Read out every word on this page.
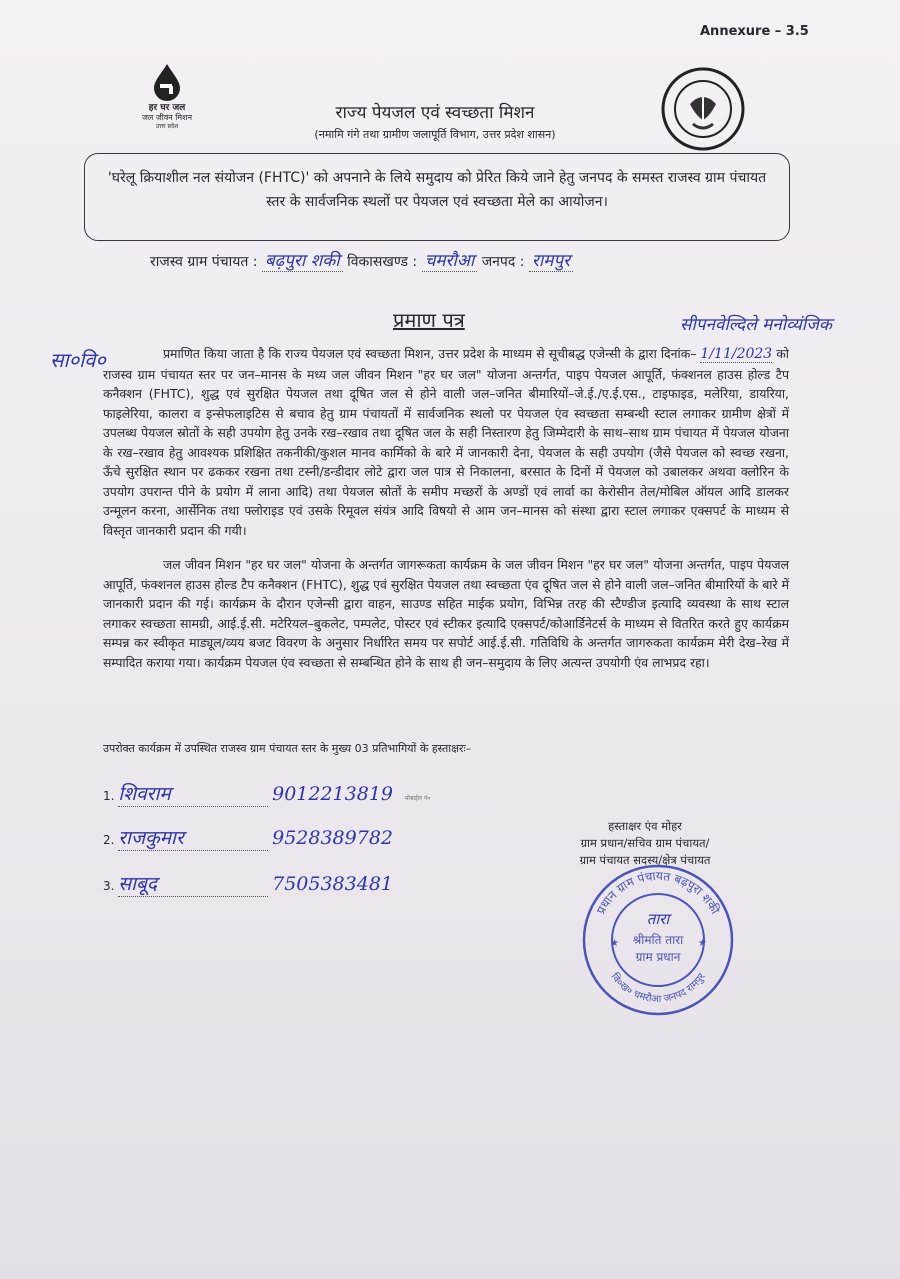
Annexure – 3.5
हर घर जल
जल जीवन मिशन
उत्तर प्रदेश
राज्य पेयजल एवं स्वच्छता मिशन
(नमामि गंगे तथा ग्रामीण जलापूर्ति विभाग, उत्तर प्रदेश शासन)
'घरेलू क्रियाशील नल संयोजन (FHTC)' को अपनाने के लिये समुदाय को प्रेरित किये जाने हेतु जनपद के समस्त राजस्व ग्राम पंचायत स्तर के सार्वजनिक स्थलों पर पेयजल एवं स्वच्छता मेले का आयोजन।
राजस्व ग्राम पंचायत : बढ़पुरा शकी विकासखण्ड : चमरौआ जनपद : रामपुर
प्रमाण पत्र
सा०वि०
सीपनवेल्दिले मनोव्यंजिक
प्रमाणित किया जाता है कि राज्य पेयजल एवं स्वच्छता मिशन, उत्तर प्रदेश के माध्यम से सूचीबद्ध एजेन्सी के द्वारा दिनांक– 1/11/2023 को राजस्व ग्राम पंचायत स्तर पर जन–मानस के मध्य जल जीवन मिशन "हर घर जल" योजना अन्तर्गत, पाइप पेयजल आपूर्ति, फंक्शनल हाउस होल्ड टैप कनैक्शन (FHTC), शुद्ध एवं सुरक्षित पेयजल तथा दूषित जल से होने वाली जल–जनित बीमारियों–जे.ई./ए.ई.एस., टाइफाइड, मलेरिया, डायरिया, फाइलेरिया, कालरा व इन्सेफलाइटिस से बचाव हेतु ग्राम पंचायतों में सार्वजनिक स्थलो पर पेयजल एंव स्वच्छता सम्बन्धी स्टाल लगाकर ग्रामीण क्षेत्रों में उपलब्ध पेयजल स्रोतों के सही उपयोग हेतु उनके रख–रखाव तथा दूषित जल के सही निस्तारण हेतु जिम्मेदारी के साथ–साथ ग्राम पंचायत में पेयजल योजना के रख–रखाव हेतु आवश्यक प्रशिक्षित तकनीकी/कुशल मानव कार्मिको के बारे में जानकारी देना, पेयजल के सही उपयोग (जैसे पेयजल को स्वच्छ रखना, ऊँचे सुरक्षित स्थान पर ढककर रखना तथा टस्नी/डन्डीदार लोटे द्वारा जल पात्र से निकालना, बरसात के दिनों में पेयजल को उबालकर अथवा क्लोरिन के उपयोग उपरान्त पीने के प्रयोग में लाना आदि) तथा पेयजल स्रोतों के समीप मच्छरों के अण्डों एवं लार्वा का केरोसीन तेल/मोबिल ऑयल आदि डालकर उन्मूलन करना, आर्सेनिक तथा फ्लोराइड एवं उसके रिमूवल संयंत्र आदि विषयो से आम जन–मानस को संस्था द्वारा स्टाल लगाकर एक्सपर्ट के माध्यम से विस्तृत जानकारी प्रदान की गयी।
जल जीवन मिशन "हर घर जल" योजना के अन्तर्गत जागरूकता कार्यक्रम के जल जीवन मिशन "हर घर जल" योजना अन्तर्गत, पाइप पेयजल आपूर्ति, फंक्शनल हाउस होल्ड टैप कनैक्शन (FHTC), शुद्ध एवं सुरक्षित पेयजल तथा स्वच्छता एंव दूषित जल से होने वाली जल–जनित बीमारियों के बारे में जानकारी प्रदान की गई। कार्यक्रम के दौरान एजेन्सी द्वारा वाहन, साउण्ड सहित माईक प्रयोग, विभिन्न तरह की स्टैण्डीज इत्यादि व्यवस्था के साथ स्टाल लगाकर स्वच्छता सामग्री, आई.ई.सी. मटेरियल–बुकलेट, पम्पलेट, पोस्टर एवं स्टीकर इत्यादि एक्सपर्ट/कोआर्डिनेटर्स के माध्यम से वितरित करते हुए कार्यक्रम सम्पन्न कर स्वीकृत माड्यूल/व्यय बजट विवरण के अनुसार निर्धारित समय पर सपोर्ट आई.ई.सी. गतिविधि के अन्तर्गत जागरुकता कार्यक्रम मेरी देख–रेख में सम्पादित कराया गया। कार्यक्रम पेयजल एंव स्वच्छता से सम्बन्धित होने के साथ ही जन–समुदाय के लिए अत्यन्त उपयोगी एंव लाभप्रद रहा।
उपरोक्त कार्यक्रम में उपस्थित राजस्व ग्राम पंचायत स्तर के मुख्य 03 प्रतिभागियों के हस्ताक्षरः–
1. शिवराम	9012213819 मोबाईल नं०
2. राजकुमार	9528389782
3. साबूद	7505383481
हस्ताक्षर एंव मोहर
ग्राम प्रधान/सचिव ग्राम पंचायत/
ग्राम पंचायत सदस्य/क्षेत्र पंचायत
प्रधान ग्राम पंचायत बढ़पुरा शकी
वि०ख० चमरौआ जनपद रामपुर
तारा
श्रीमति तारा
ग्राम प्रधान
★	★
